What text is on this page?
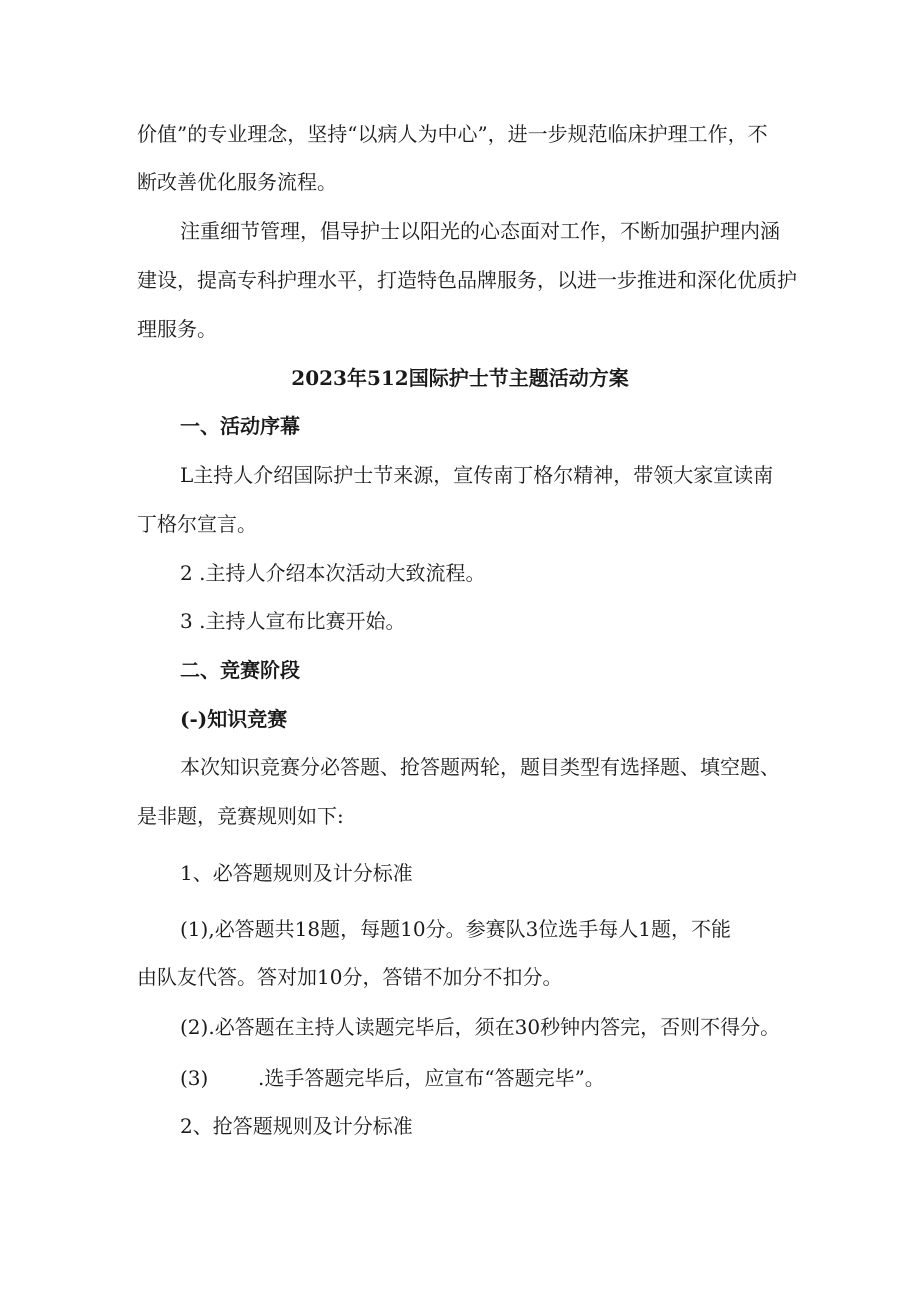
价值”的专业理念，坚持“以病人为中心”，进一步规范临床护理工作，不
断改善优化服务流程。
注重细节管理，倡导护士以阳光的心态面对工作，不断加强护理内涵
建设，提高专科护理水平，打造特色品牌服务，以进一步推进和深化优质护
理服务。
2023年512国际护士节主题活动方案
一、活动序幕
L主持人介绍国际护士节来源，宣传南丁格尔精神，带领大家宣读南
丁格尔宣言。
2 .主持人介绍本次活动大致流程。
3 .主持人宣布比赛开始。
二、竞赛阶段
(-)知识竞赛
本次知识竞赛分必答题、抢答题两轮，题目类型有选择题、填空题、
是非题，竞赛规则如下:
1、必答题规则及计分标准
(1),必答题共18题，每题10分。参赛队3位选手每人1题，不能
由队友代答。答对加10分，答错不加分不扣分。
(2).必答题在主持人读题完毕后，须在30秒钟内答完，否则不得分。
(3) .选手答题完毕后，应宣布“答题完毕”。
2、抢答题规则及计分标准
